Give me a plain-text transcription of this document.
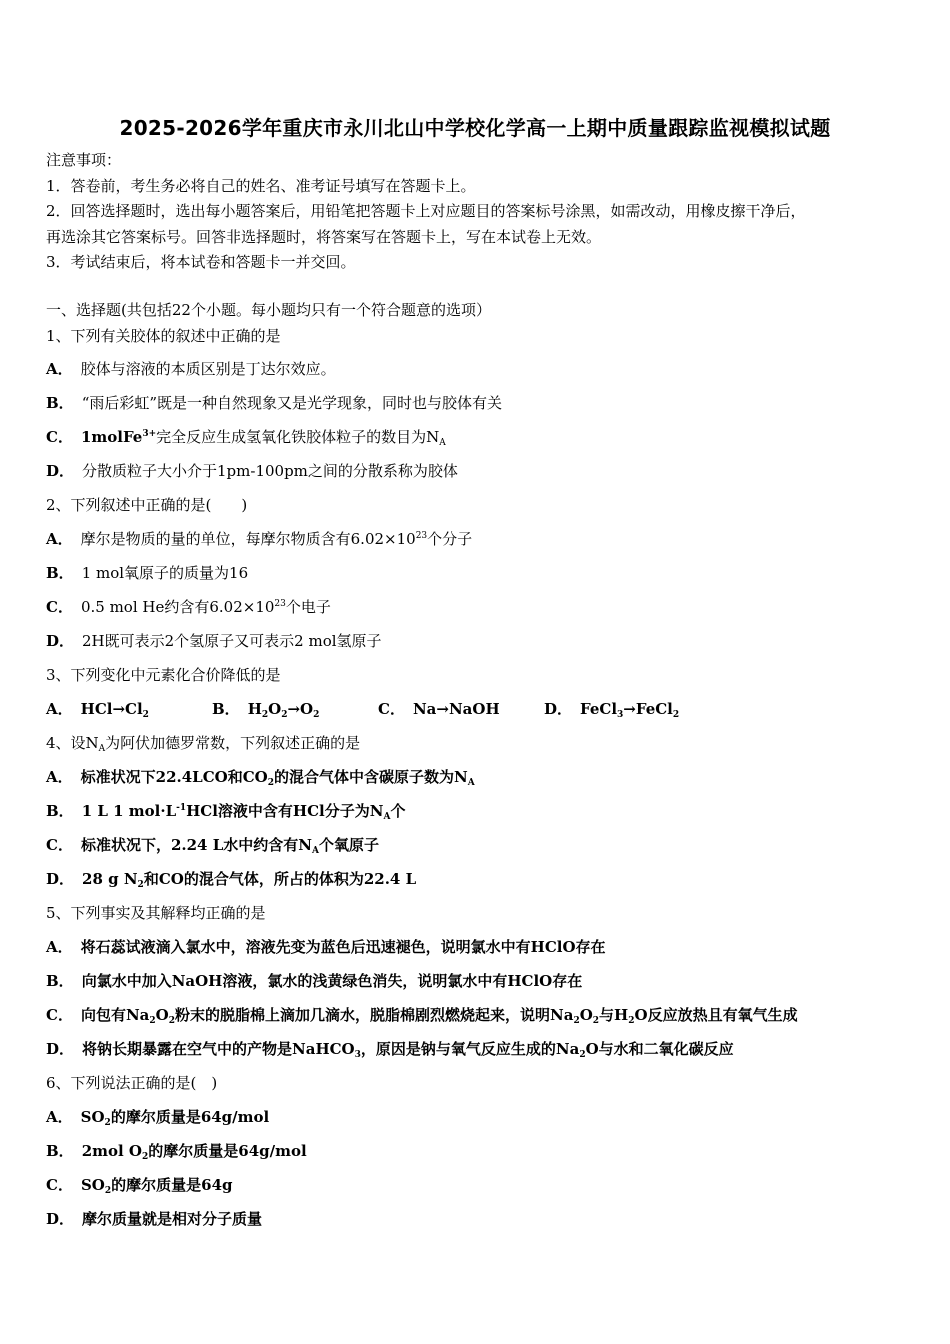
2025-2026学年重庆市永川北山中学校化学高一上期中质量跟踪监视模拟试题
注意事项：
1．答卷前，考生务必将自己的姓名、准考证号填写在答题卡上。
2．回答选择题时，选出每小题答案后，用铅笔把答题卡上对应题目的答案标号涂黑，如需改动，用橡皮擦干净后，
再选涂其它答案标号。回答非选择题时，将答案写在答题卡上，写在本试卷上无效。
3．考试结束后，将本试卷和答题卡一并交回。
一、选择题(共包括22个小题。每小题均只有一个符合题意的选项）
1、下列有关胶体的叙述中正确的是
A． 胶体与溶液的本质区别是丁达尔效应。
B． “雨后彩虹”既是一种自然现象又是光学现象，同时也与胶体有关
C． 1molFe$^{3+}$完全反应生成氢氧化铁胶体粒子的数目为$N_A$
D． 分散质粒子大小介于1pm-100pm之间的分散系称为胶体
2、下列叙述中正确的是(　　)
A． 摩尔是物质的量的单位，每摩尔物质含有$6.02\times 10^{23}$个分子
B． 1 mol氧原子的质量为16
C． 0.5 mol He约含有$6.02\times 10^{23}$个电子
D． 2H既可表示2个氢原子又可表示2 mol氢原子
3、下列变化中元素化合价降低的是
A． $HCl\to Cl_2$	B． $H_2O_2\to O_2$	C． Na→NaOH	D． FeCl$_3$→FeCl$_2$
4、设$N_A$为阿伏加德罗常数，下列叙述正确的是
A． 标准状况下22.4LCO和$CO_2$的混合气体中含碳原子数为$N_A$
B． 1 L 1 $mol\cdot L^{-1}HCl$溶液中含有HCl分子为$N_A$个
C． 标准状况下，2.24 L水中约含有$N_A$个氧原子
D． 28 g $N_2$和CO的混合气体，所占的体积为22.4 L
5、下列事实及其解释均正确的是
A． 将石蕊试液滴入氯水中，溶液先变为蓝色后迅速褪色，说明氯水中有HClO存在
B． 向氯水中加入NaOH溶液，氯水的浅黄绿色消失，说明氯水中有HClO存在
C． 向包有$Na_2O_2$粉末的脱脂棉上滴加几滴水，脱脂棉剧烈燃烧起来，说明$Na_2O_2$与$H_2O$反应放热且有氧气生成
D． 将钠长期暴露在空气中的产物是NaHCO$_3$，原因是钠与氧气反应生成的$Na_2O$与水和二氧化碳反应
6、下列说法正确的是(　)
A． $SO_2$的摩尔质量是64g/mol
B． 2mol $O_2$的摩尔质量是64g/mol
C． $SO_2$的摩尔质量是64g
D． 摩尔质量就是相对分子质量
